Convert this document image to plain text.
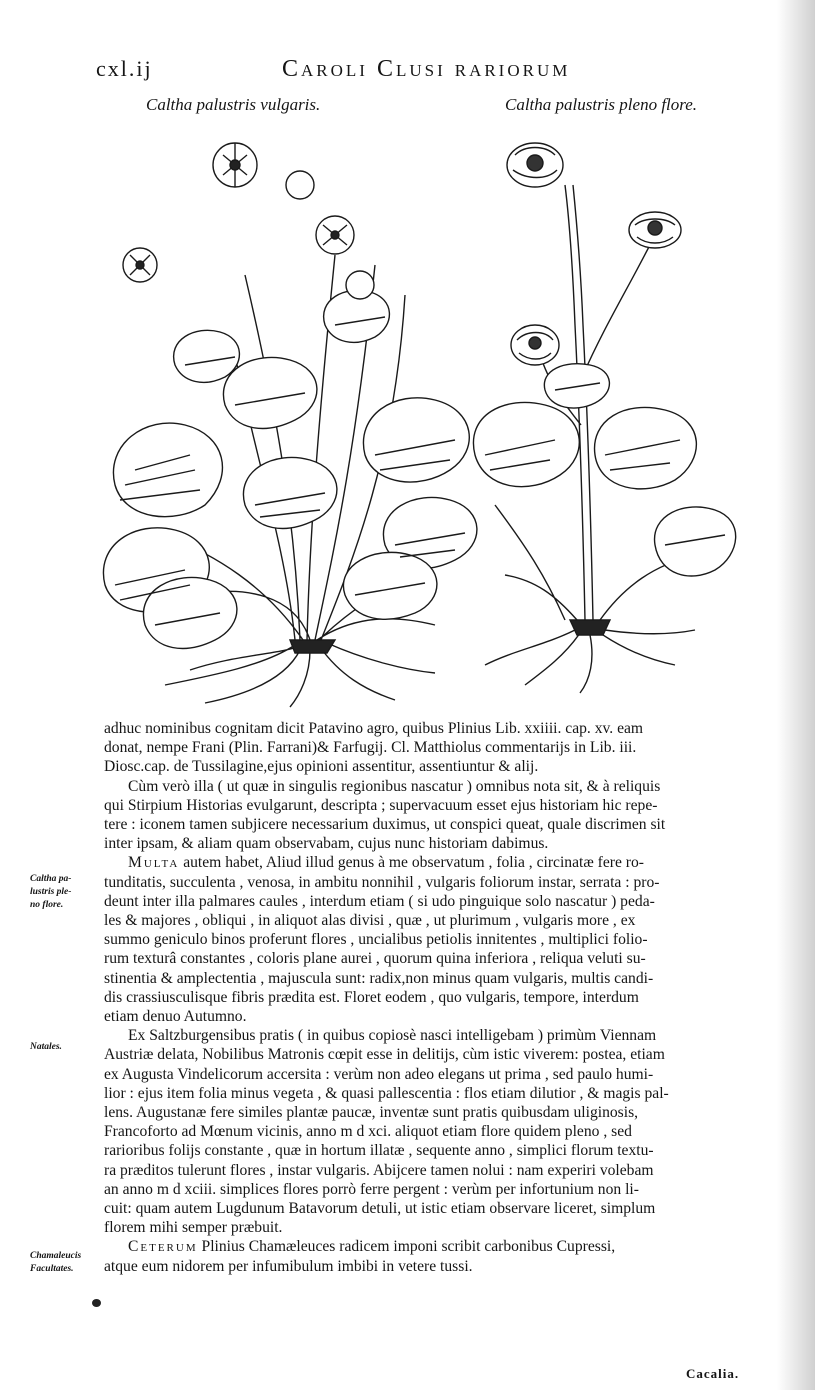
cxl.ij	Caroli Clusi rariorum
Caltha palustris vulgaris.	Caltha palustris pleno flore.
Caltha pa-
lustris ple-
no flore.
Natales.
Chamaleucis
Facultates.

adhuc nominibus cognitam dicit Patavino agro, quibus Plinius Lib. xxiiii. cap. xv. eam
donat, nempe Frani (Plin. Farrani)& Farfugij. Cl. Matthiolus commentarijs in Lib. iii.
Diosc.cap. de Tussilagine,ejus opinioni assentitur, assentiuntur & alij.

Cùm verò illa ( ut quæ in singulis regionibus nascatur ) omnibus nota sit, & à reliquis
qui Stirpium Historias evulgarunt, descripta ; supervacuum esset ejus historiam hic repe-
tere : iconem tamen subjicere necessarium duximus, ut conspici queat, quale discrimen sit
inter ipsam, & aliam quam observabam, cujus nunc historiam dabimus.

Multa autem habet, Aliud illud genus à me observatum , folia , circinatæ fere ro-
tunditatis, succulenta , venosa, in ambitu nonnihil , vulgaris foliorum instar, serrata : pro-
deunt inter illa palmares caules , interdum etiam ( si udo pinguique solo nascatur ) peda-
les & majores , obliqui , in aliquot alas divisi , quæ , ut plurimum , vulgaris more , ex
summo geniculo binos proferunt flores , uncialibus petiolis innitentes , multiplici folio-
rum texturâ constantes , coloris plane aurei , quorum quina inferiora , reliqua veluti su-
stinentia & amplectentia , majuscula sunt: radix,non minus quam vulgaris, multis candi-
dis crassiusculisque fibris prædita est. Floret eodem , quo vulgaris, tempore, interdum
etiam denuo Autumno.

Ex Saltzburgensibus pratis ( in quibus copiosè nasci intelligebam ) primùm Viennam
Austriæ delata, Nobilibus Matronis cœpit esse in delitijs, cùm istic viverem: postea, etiam
ex Augusta Vindelicorum accersita : verùm non adeo elegans ut prima , sed paulo humi-
lior : ejus item folia minus vegeta , & quasi pallescentia : flos etiam dilutior , & magis pal-
lens. Augustanæ fere similes plantæ paucæ, inventæ sunt pratis quibusdam uliginosis,
Francoforto ad Mœnum vicinis, anno m d xci. aliquot etiam flore quidem pleno , sed
rarioribus folijs constante , quæ in hortum illatæ , sequente anno , simplici florum textu-
ra præditos tulerunt flores , instar vulgaris. Abijcere tamen nolui : nam experiri volebam
an anno m d xciii. simplices flores porrò ferre pergent : verùm per infortunium non li-
cuit: quam autem Lugdunum Batavorum detuli, ut istic etiam observare liceret, simplum
florem mihi semper præbuit.

Ceterum Plinius Chamæleuces radicem imponi scribit carbonibus Cupressi,
atque eum nidorem per infumibulum imbibi in vetere tussi.

Cacalia.
